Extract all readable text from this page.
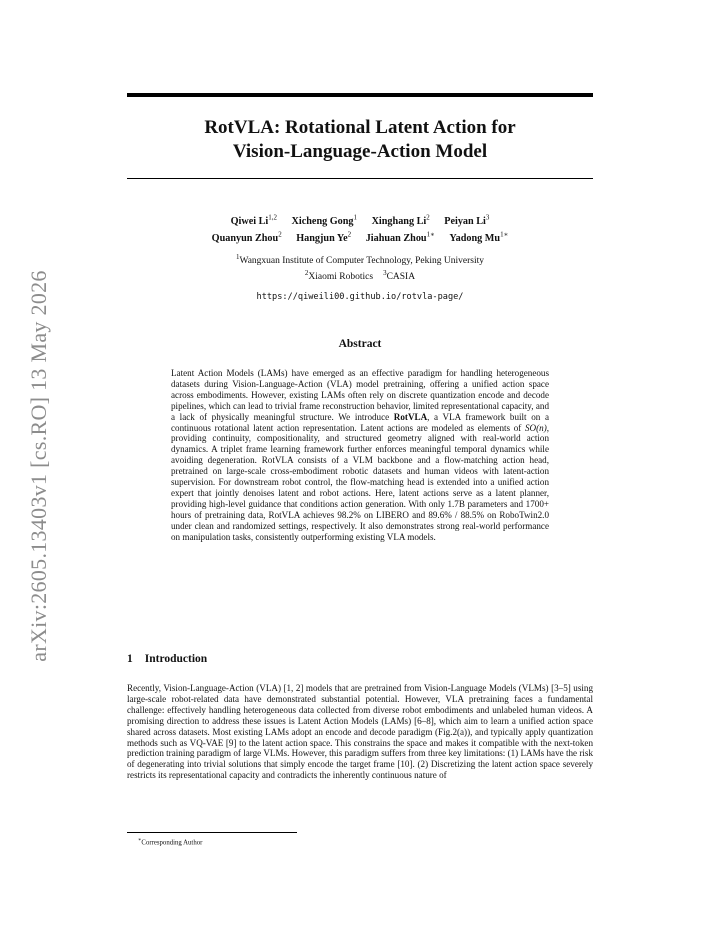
arXiv:2605.13403v1 [cs.RO] 13 May 2026
RotVLA: Rotational Latent Action for
Vision-Language-Action Model
Qiwei Li$^{1,2}$ Xicheng Gong$^1$ Xinghang Li$^2$ Peiyan Li$^3$
Quanyun Zhou$^2$ Hangjun Ye$^2$ Jiahuan Zhou$^{1∗}$ Yadong $Mu^{1∗}$
$^1$Wangxuan Institute of Computer Technology, Peking University
$^2$Xiaomi Robotics $^3$CASIA
https://qiweili00.github.io/rotvla-page/
Abstract
Latent Action Models (LAMs) have emerged as an effective paradigm for handling heterogeneous datasets during Vision-Language-Action (VLA) model pretraining, offering a unified action space across embodiments. However, existing LAMs often rely on discrete quantization encode and decode pipelines, which can lead to trivial frame reconstruction behavior, limited representational capacity, and a lack of physically meaningful structure. We introduce RotVLA, a VLA framework built on a continuous rotational latent action representation. Latent actions are modeled as elements of SO(n), providing continuity, compositionality, and structured geometry aligned with real-world action dynamics. A triplet frame learning framework further enforces meaningful temporal dynamics while avoiding degeneration. RotVLA consists of a VLM backbone and a flow-matching action head, pretrained on large-scale cross-embodiment robotic datasets and human videos with latent-action supervision. For downstream robot control, the flow-matching head is extended into a unified action expert that jointly denoises latent and robot actions. Here, latent actions serve as a latent planner, providing high-level guidance that conditions action generation. With only 1.7B parameters and 1700+ hours of pretraining data, RotVLA achieves 98.2% on LIBERO and 89.6% / 88.5% on RoboTwin2.0 under clean and randomized settings, respectively. It also demonstrates strong real-world performance on manipulation tasks, consistently outperforming existing VLA models.
1 Introduction
Recently, Vision-Language-Action (VLA) [1, 2] models that are pretrained from Vision-Language Models (VLMs) [3–5] using large-scale robot-related data have demonstrated substantial potential. However, VLA pretraining faces a fundamental challenge: effectively handling heterogeneous data collected from diverse robot embodiments and unlabeled human videos. A promising direction to address these issues is Latent Action Models (LAMs) [6–8], which aim to learn a unified action space shared across datasets. Most existing LAMs adopt an encode and decode paradigm (Fig.2(a)), and typically apply quantization methods such as VQ-VAE [9] to the latent action space. This constrains the space and makes it compatible with the next-token prediction training paradigm of large VLMs. However, this paradigm suffers from three key limitations: (1) LAMs have the risk of degenerating into trivial solutions that simply encode the target frame [10]. (2) Discretizing the latent action space severely restricts its representational capacity and contradicts the inherently continuous nature of
∗Corresponding Author
